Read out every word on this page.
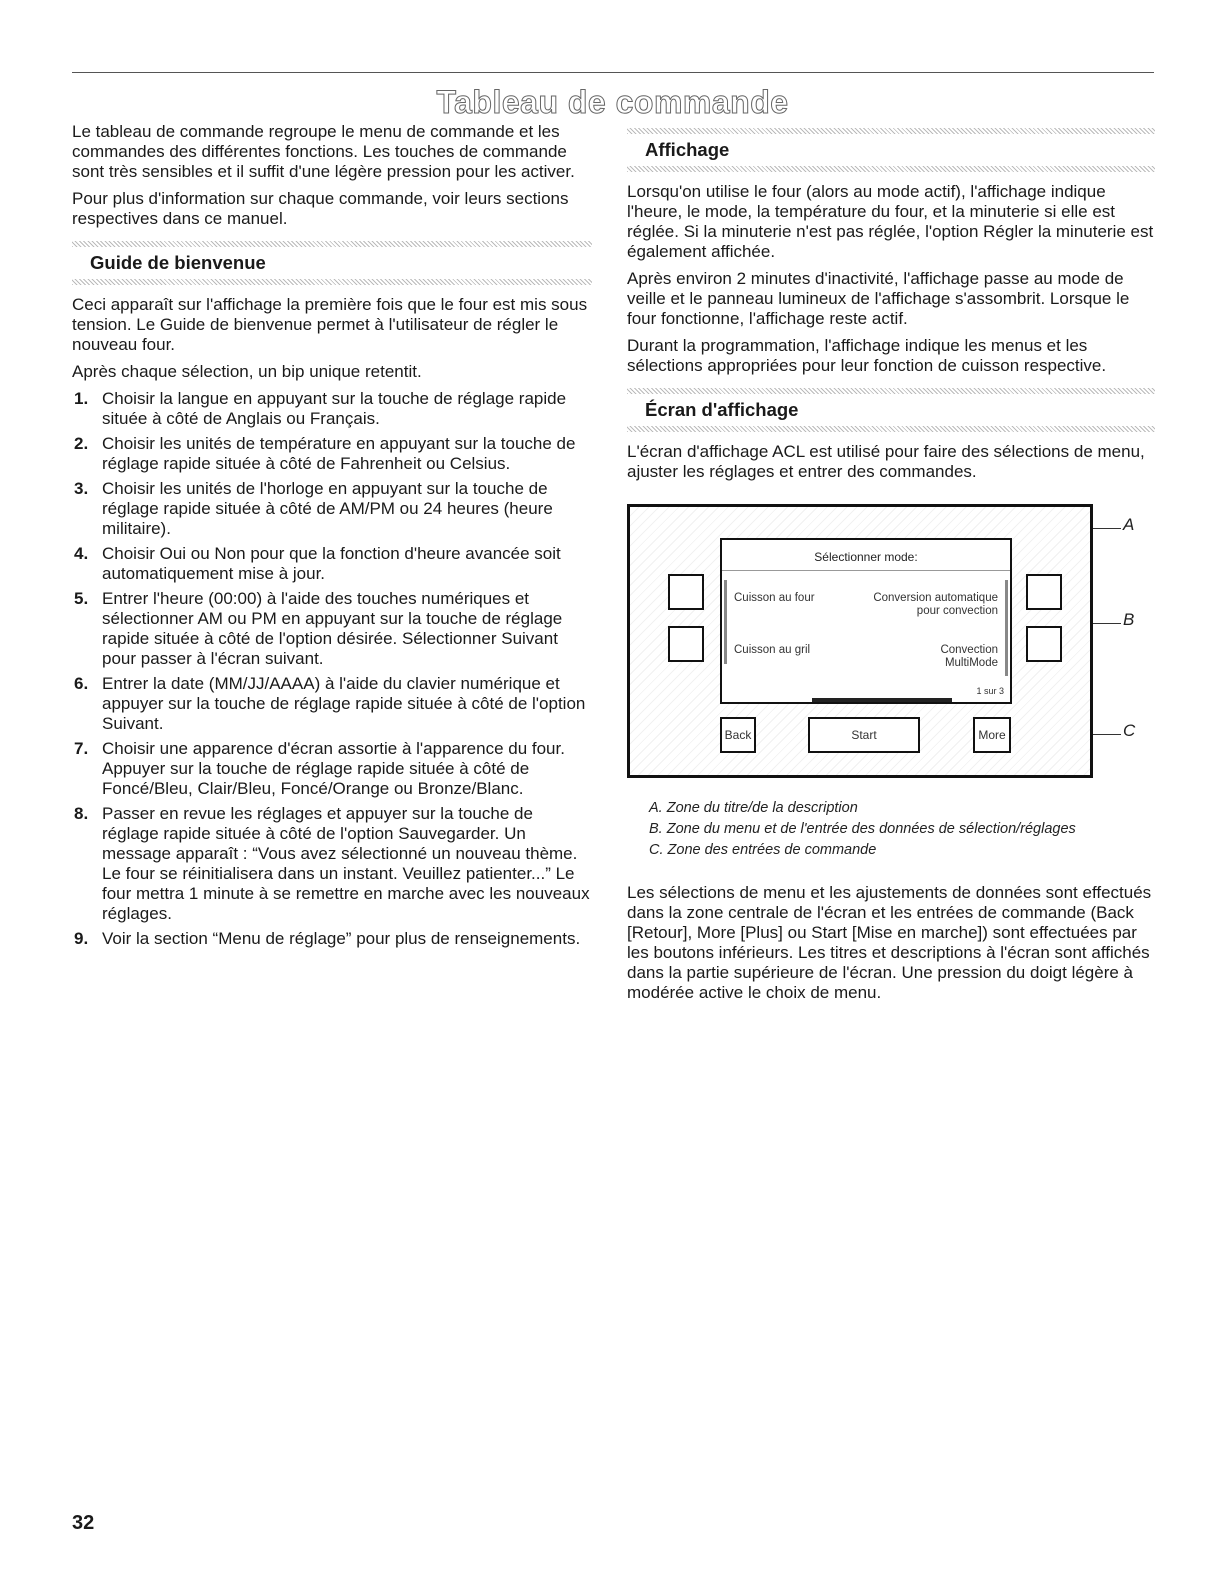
Tableau de commande

Le tableau de commande regroupe le menu de commande et les commandes des différentes fonctions. Les touches de commande sont très sensibles et il suffit d'une légère pression pour les activer.

Pour plus d'information sur chaque commande, voir leurs sections respectives dans ce manuel.

Guide de bienvenue

Ceci apparaît sur l'affichage la première fois que le four est mis sous tension. Le Guide de bienvenue permet à l'utilisateur de régler le nouveau four.

Après chaque sélection, un bip unique retentit.

1. Choisir la langue en appuyant sur la touche de réglage rapide située à côté de Anglais ou Français.
2. Choisir les unités de température en appuyant sur la touche de réglage rapide située à côté de Fahrenheit ou Celsius.
3. Choisir les unités de l'horloge en appuyant sur la touche de réglage rapide située à côté de AM/PM ou 24 heures (heure militaire).
4. Choisir Oui ou Non pour que la fonction d'heure avancée soit automatiquement mise à jour.
5. Entrer l'heure (00:00) à l'aide des touches numériques et sélectionner AM ou PM en appuyant sur la touche de réglage rapide située à côté de l'option désirée. Sélectionner Suivant pour passer à l'écran suivant.
6. Entrer la date (MM/JJ/AAAA) à l'aide du clavier numérique et appuyer sur la touche de réglage rapide située à côté de l'option Suivant.
7. Choisir une apparence d'écran assortie à l'apparence du four. Appuyer sur la touche de réglage rapide située à côté de Foncé/Bleu, Clair/Bleu, Foncé/Orange ou Bronze/Blanc.
8. Passer en revue les réglages et appuyer sur la touche de réglage rapide située à côté de l'option Sauvegarder. Un message apparaît : “Vous avez sélectionné un nouveau thème. Le four se réinitialisera dans un instant. Veuillez patienter...” Le four mettra 1 minute à se remettre en marche avec les nouveaux réglages.
9. Voir la section “Menu de réglage” pour plus de renseignements.
Affichage

Lorsqu'on utilise le four (alors au mode actif), l'affichage indique l'heure, le mode, la température du four, et la minuterie si elle est réglée. Si la minuterie n'est pas réglée, l'option Régler la minuterie est également affichée.

Après environ 2 minutes d'inactivité, l'affichage passe au mode de veille et le panneau lumineux de l'affichage s'assombrit. Lorsque le four fonctionne, l'affichage reste actif.

Durant la programmation, l'affichage indique les menus et les sélections appropriées pour leur fonction de cuisson respective.

Écran d'affichage

L'écran d'affichage ACL est utilisé pour faire des sélections de menu, ajuster les réglages et entrer des commandes.

Sélectionner mode:
Cuisson au four	Conversion automatique
pour convection
Cuisson au gril	Convection
MultiMode
1 sur 3
Back	Start	More
A
B
C
A. Zone du titre/de la description
B. Zone du menu et de l'entrée des données de sélection/réglages
C. Zone des entrées de commande

Les sélections de menu et les ajustements de données sont effectués dans la zone centrale de l'écran et les entrées de commande (Back [Retour], More [Plus] ou Start [Mise en marche]) sont effectuées par les boutons inférieurs. Les titres et descriptions à l'écran sont affichés dans la partie supérieure de l'écran. Une pression du doigt légère à modérée active le choix de menu.

32
